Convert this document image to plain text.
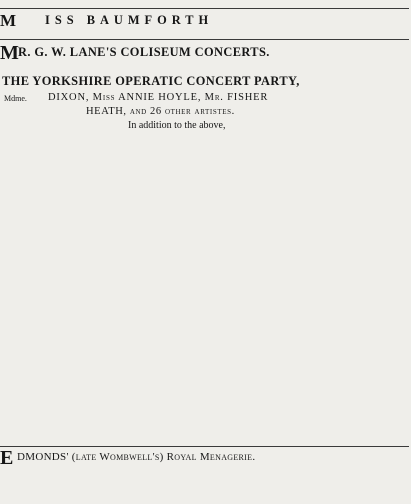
M ISS BAUMFORTH
M
R. G. W. LANE'S COLISEUM CONCERTS.
THE YORKSHIRE OPERATIC CONCERT PARTY,
Mdme. DIXON, Miss ANNIE HOYLE, Mr. FISHER
HEATH, and 26 other artistes.
In addition to the above,
E DMONDS' (late Wombwell's) Royal Menagerie.
